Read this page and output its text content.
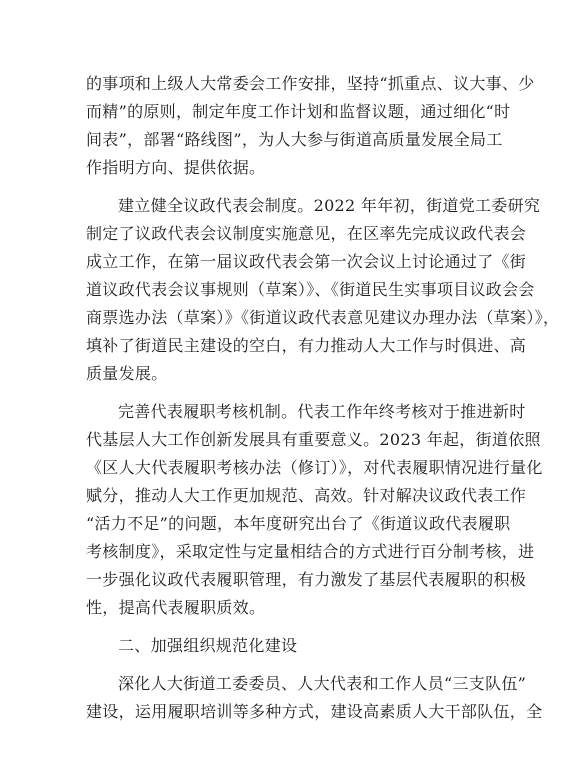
的事项和上级人大常委会工作安排，坚持“抓重点、议大事、少
而精”的原则，制定年度工作计划和监督议题，通过细化“时
间表”，部署“路线图”，为人大参与街道高质量发展全局工
作指明方向、提供依据。

建立健全议政代表会制度。2022 年年初，街道党工委研究
制定了议政代表会议制度实施意见，在区率先完成议政代表会
成立工作，在第一届议政代表会第一次会议上讨论通过了《街
道议政代表会议事规则（草案）》、《街道民生实事项目议政会会
商票选办法（草案）》《街道议政代表意见建议办理办法（草案）》，
填补了街道民主建设的空白，有力推动人大工作与时俱进、高
质量发展。

完善代表履职考核机制。代表工作年终考核对于推进新时
代基层人大工作创新发展具有重要意义。2023 年起，街道依照
《区人大代表履职考核办法（修订）》，对代表履职情况进行量化
赋分，推动人大工作更加规范、高效。针对解决议政代表工作
“活力不足”的问题，本年度研究出台了《街道议政代表履职
考核制度》，采取定性与定量相结合的方式进行百分制考核，进
一步强化议政代表履职管理，有力激发了基层代表履职的积极
性，提高代表履职质效。

二、加强组织规范化建设

深化人大街道工委委员、人大代表和工作人员“三支队伍”
建设，运用履职培训等多种方式，建设高素质人大干部队伍，全
